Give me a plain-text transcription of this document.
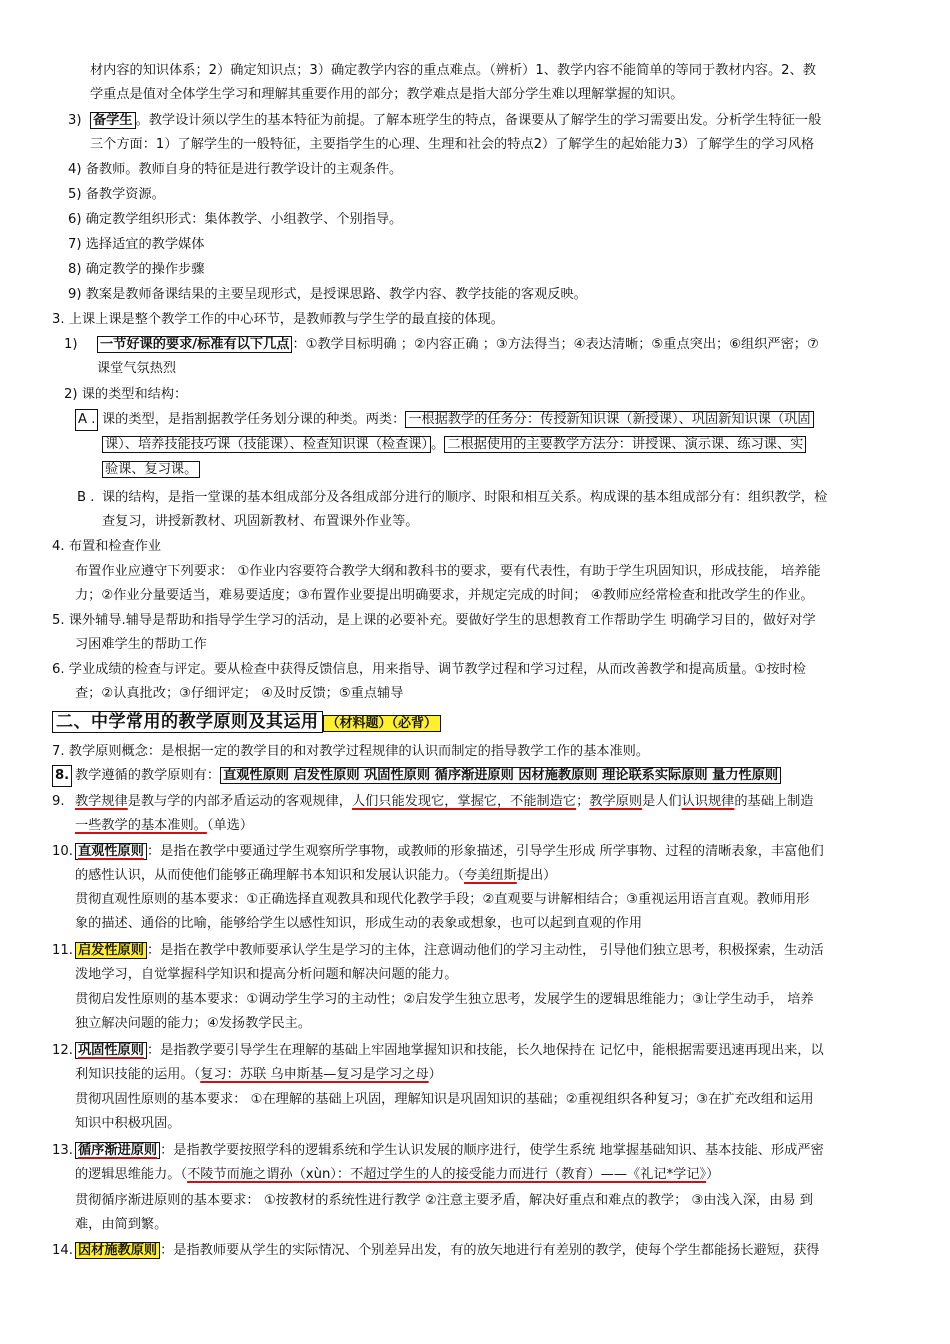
材内容的知识体系；2）确定知识点；3）确定教学内容的重点难点。（辨析）1、教学内容不能简单的等同于教材内容。2、教
学重点是值对全体学生学习和理解其重要作用的部分；教学难点是指大部分学生难以理解掌握的知识。
3) 备学生 。教学设计须以学生的基本特征为前提。了解本班学生的特点，备课要从了解学生的学习需要出发。分析学生特征一般
三个方面：1）了解学生的一般特征，主要指学生的心理、生理和社会的特点2）了解学生的起始能力3）了解学生的学习风格
4) 备教师。教师自身的特征是进行教学设计的主观条件。
5) 备教学资源。
6) 确定教学组织形式：集体教学、小组教学、个别指导。
7) 选择适宜的教学媒体
8) 确定教学的操作步骤
9) 教案是教师备课结果的主要呈现形式，是授课思路、教学内容、教学技能的客观反映。
3. 上课上课是整个教学工作的中心环节，是教师教与学生学的最直接的体现。
1) 一节好课的要求/标准有以下几点 ：①教学目标明确 ；②内容正确 ；③方法得当；④表达清晰；⑤重点突出；⑥组织严密；⑦
课堂气氛热烈
2) 课的类型和结构：
A . 课的类型，是指割据教学任务划分课的种类。两类： 一根据教学的任务分：传授新知识课（新授课）、巩固新知识课（巩固
课）、培养技能技巧课（技能课）、检查知识课（检查课） 。 二根据使用的主要教学方法分：讲授课、演示课、练习课、实
验课、复习课。
B . 课的结构，是指一堂课的基本组成部分及各组成部分进行的顺序、时限和相互关系。构成课的基本组成部分有：组织教学，检
查复习，讲授新教材、巩固新教材、布置课外作业等。
4. 布置和检查作业
布置作业应遵守下列要求： ①作业内容要符合教学大纲和教科书的要求，要有代表性，有助于学生巩固知识，形成技能， 培养能
力；②作业分量要适当，难易要适度；③布置作业要提出明确要求，并规定完成的时间； ④教师应经常检查和批改学生的作业。
5. 课外辅导.辅导是帮助和指导学生学习的活动，是上课的必要补充。要做好学生的思想教育工作帮助学生 明确学习目的，做好对学
习困难学生的帮助工作
6. 学业成绩的检查与评定。要从检查中获得反馈信息，用来指导、调节教学过程和学习过程，从而改善教学和提高质量。①按时检
查；②认真批改；③仔细评定； ④及时反馈；⑤重点辅导
二、中学常用的教学原则及其运用 （材料题）（必背）
7. 教学原则概念：是根据一定的教学目的和对教学过程规律的认识而制定的指导教学工作的基本准则。
8. 教学遵循的教学原则有： 直观性原则 启发性原则 巩固性原则 循序渐进原则 因材施教原则 理论联系实际原则 量力性原则
9. 教学规律是教与学的内部矛盾运动的客观规律，人们只能发现它，掌握它，不能制造它；教学原则是人们认识规律的基础上制造
一些教学的基本准则。（单选）
10. 直观性原则 ：是指在教学中要通过学生观察所学事物，或教师的形象描述，引导学生形成 所学事物、过程的清晰表象，丰富他们
的感性认识，从而使他们能够正确理解书本知识和发展认识能力。（夸美纽斯提出）
贯彻直观性原则的基本要求：①正确选择直观教具和现代化教学手段；②直观要与讲解相结合；③重视运用语言直观。教师用形
象的描述、通俗的比喻，能够给学生以感性知识，形成生动的表象或想象，也可以起到直观的作用
11. 启发性原则 ：是指在教学中教师要承认学生是学习的主体，注意调动他们的学习主动性， 引导他们独立思考，积极探索，生动活
泼地学习，自觉掌握科学知识和提高分析问题和解决问题的能力。
贯彻启发性原则的基本要求：①调动学生学习的主动性；②启发学生独立思考，发展学生的逻辑思维能力；③让学生动手， 培养
独立解决问题的能力；④发扬教学民主。
12. 巩固性原则 ：是指教学要引导学生在理解的基础上牢固地掌握知识和技能，长久地保持在 记忆中，能根据需要迅速再现出来，以
利知识技能的运用。（复习：苏联 乌申斯基—复习是学习之母）
贯彻巩固性原则的基本要求： ①在理解的基础上巩固，理解知识是巩固知识的基础；②重视组织各种复习；③在扩充改组和运用
知识中积极巩固。
13. 循序渐进原则 ：是指教学要按照学科的逻辑系统和学生认识发展的顺序进行，使学生系统 地掌握基础知识、基本技能、形成严密
的逻辑思维能力。（不陵节而施之谓孙（xùn）：不超过学生的人的接受能力而进行（教育）——《礼记*学记》）
贯彻循序渐进原则的基本要求： ①按教材的系统性进行教学 ②注意主要矛盾，解决好重点和难点的教学； ③由浅入深，由易 到
难，由简到繁。
14. 因材施教原则 ：是指教师要从学生的实际情况、个别差异出发，有的放矢地进行有差别的教学，使每个学生都能扬长避短，获得
